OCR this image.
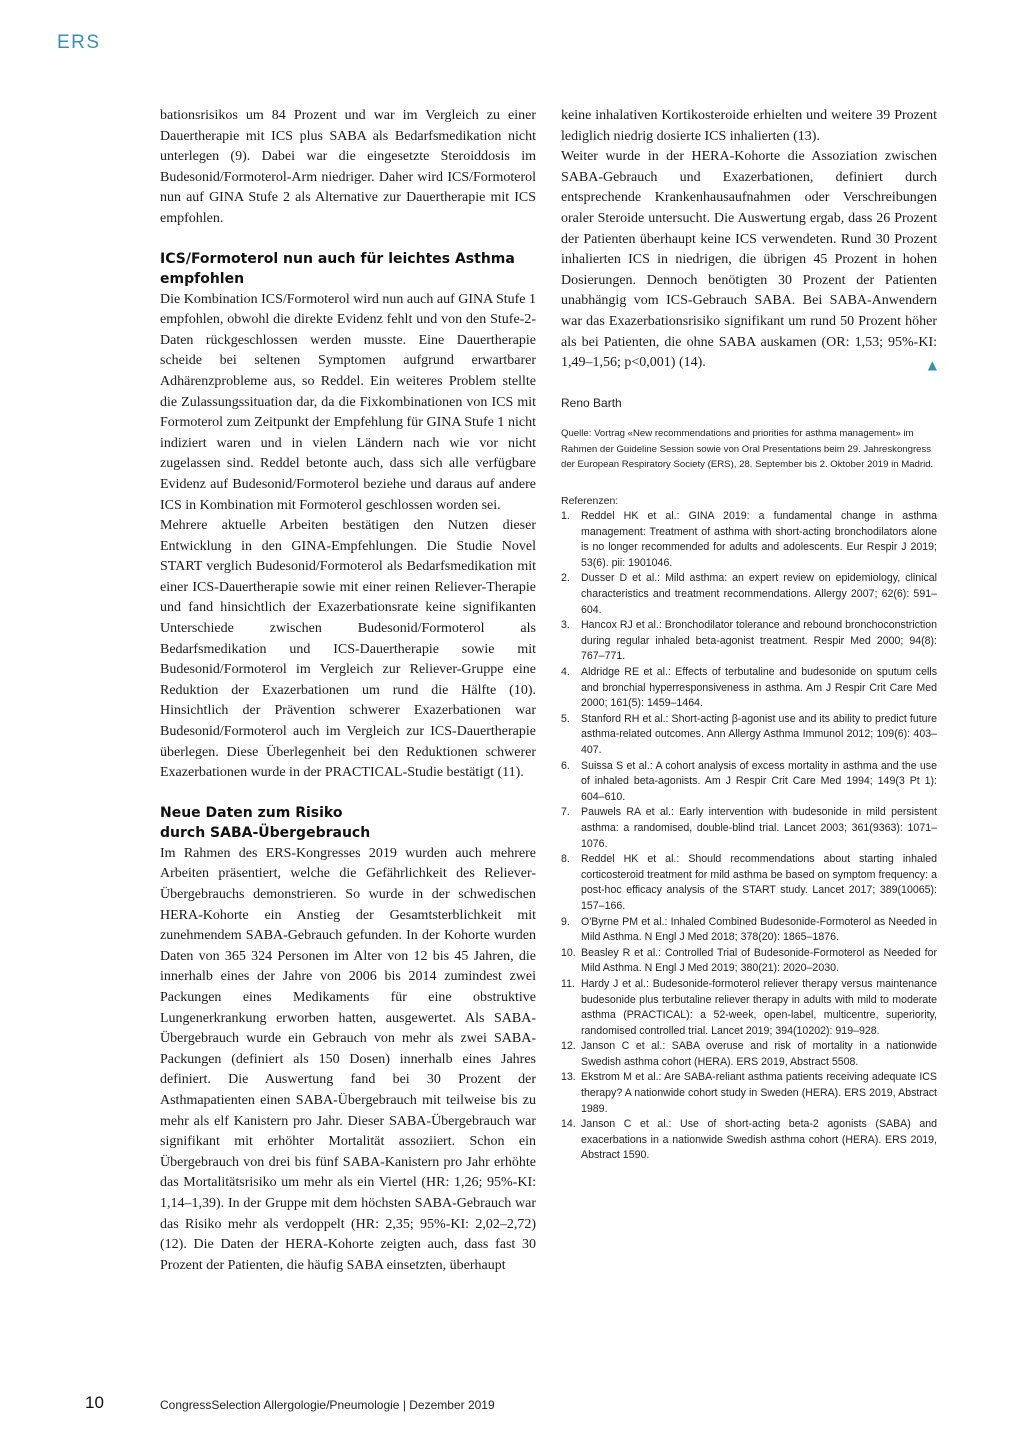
ERS

bationsrisikos um 84 Prozent und war im Vergleich zu einer Dauertherapie mit ICS plus SABA als Bedarfsmedikation nicht unterlegen (9). Dabei war die eingesetzte Steroiddosis im Budesonid/Formoterol-Arm niedriger. Daher wird ICS/Formoterol nun auf GINA Stufe 2 als Alternative zur Dauertherapie mit ICS empfohlen.

ICS/Formoterol nun auch für leichtes Asthma
empfohlen

Die Kombination ICS/Formoterol wird nun auch auf GINA Stufe 1 empfohlen, obwohl die direkte Evidenz fehlt und von den Stufe-2-Daten rückgeschlossen werden musste. Eine Dauertherapie scheide bei seltenen Symptomen aufgrund erwartbarer Adhärenzprobleme aus, so Reddel. Ein weiteres Problem stellte die Zulassungssituation dar, da die Fixkombinationen von ICS mit Formoterol zum Zeitpunkt der Empfehlung für GINA Stufe 1 nicht indiziert waren und in vielen Ländern nach wie vor nicht zugelassen sind. Reddel betonte auch, dass sich alle verfügbare Evidenz auf Budesonid/Formoterol beziehe und daraus auf andere ICS in Kombination mit Formoterol geschlossen worden sei.

Mehrere aktuelle Arbeiten bestätigen den Nutzen dieser Entwicklung in den GINA-Empfehlungen. Die Studie Novel START verglich Budesonid/Formoterol als Bedarfsmedikation mit einer ICS-Dauertherapie sowie mit einer reinen Reliever-Therapie und fand hinsichtlich der Exazerbationsrate keine signifikanten Unterschiede zwischen Budesonid/Formoterol als Bedarfsmedikation und ICS-Dauertherapie sowie mit Budesonid/Formoterol im Vergleich zur Reliever-Gruppe eine Reduktion der Exazerbationen um rund die Hälfte (10). Hinsichtlich der Prävention schwerer Exazerbationen war Budesonid/Formoterol auch im Vergleich zur ICS-Dauertherapie überlegen. Diese Überlegenheit bei den Reduktionen schwerer Exazerbationen wurde in der PRACTICAL-Studie bestätigt (11).

Neue Daten zum Risiko
durch SABA-Übergebrauch

Im Rahmen des ERS-Kongresses 2019 wurden auch mehrere Arbeiten präsentiert, welche die Gefährlichkeit des Reliever-Übergebrauchs demonstrieren. So wurde in der schwedischen HERA-Kohorte ein Anstieg der Gesamtsterblichkeit mit zunehmendem SABA-Gebrauch gefunden. In der Kohorte wurden Daten von 365 324 Personen im Alter von 12 bis 45 Jahren, die innerhalb eines der Jahre von 2006 bis 2014 zumindest zwei Packungen eines Medikaments für eine obstruktive Lungenerkrankung erworben hatten, ausgewertet. Als SABA-Übergebrauch wurde ein Gebrauch von mehr als zwei SABA-Packungen (definiert als 150 Dosen) innerhalb eines Jahres definiert. Die Auswertung fand bei 30 Prozent der Asthmapatienten einen SABA-Übergebrauch mit teilweise bis zu mehr als elf Kanistern pro Jahr. Dieser SABA-Übergebrauch war signifikant mit erhöhter Mortalität assoziiert. Schon ein Übergebrauch von drei bis fünf SABA-Kanistern pro Jahr erhöhte das Mortalitätsrisiko um mehr als ein Viertel (HR: 1,26; 95%-KI: 1,14–1,39). In der Gruppe mit dem höchsten SABA-Gebrauch war das Risiko mehr als verdoppelt (HR: 2,35; 95%-KI: 2,02–2,72) (12). Die Daten der HERA-Kohorte zeigten auch, dass fast 30 Prozent der Patienten, die häufig SABA einsetzten, überhaupt

keine inhalativen Kortikosteroide erhielten und weitere 39 Prozent lediglich niedrig dosierte ICS inhalierten (13).

Weiter wurde in der HERA-Kohorte die Assoziation zwischen SABA-Gebrauch und Exazerbationen, definiert durch entsprechende Krankenhausaufnahmen oder Verschreibungen oraler Steroide untersucht. Die Auswertung ergab, dass 26 Prozent der Patienten überhaupt keine ICS verwendeten. Rund 30 Prozent inhalierten ICS in niedrigen, die übrigen 45 Prozent in hohen Dosierungen. Dennoch benötigten 30 Prozent der Patienten unabhängig vom ICS-Gebrauch SABA. Bei SABA-Anwendern war das Exazerbationsrisiko signifikant um rund 50 Prozent höher als bei Patienten, die ohne SABA auskamen (OR: 1,53; 95%-KI: 1,49–1,56; p<0,001) (14).	▲

Reno Barth

Quelle: Vortrag «New recommendations and priorities for asthma management» im Rahmen der Guideline Session sowie von Oral Presentations beim 29. Jahreskongress der European Respiratory Society (ERS), 28. September bis 2. Oktober 2019 in Madrid.

Referenzen:

1. Reddel HK et al.: GINA 2019: a fundamental change in asthma management: Treatment of asthma with short-acting bronchodilators alone is no longer recommended for adults and adolescents. Eur Respir J 2019; 53(6). pii: 1901046.
2. Dusser D et al.: Mild asthma: an expert review on epidemiology, clinical characteristics and treatment recommendations. Allergy 2007; 62(6): 591–604.
3. Hancox RJ et al.: Bronchodilator tolerance and rebound bronchoconstriction during regular inhaled beta-agonist treatment. Respir Med 2000; 94(8): 767–771.
4. Aldridge RE et al.: Effects of terbutaline and budesonide on sputum cells and bronchial hyperresponsiveness in asthma. Am J Respir Crit Care Med 2000; 161(5): 1459–1464.
5. Stanford RH et al.: Short-acting β-agonist use and its ability to predict future asthma-related outcomes. Ann Allergy Asthma Immunol 2012; 109(6): 403–407.
6. Suissa S et al.: A cohort analysis of excess mortality in asthma and the use of inhaled beta-agonists. Am J Respir Crit Care Med 1994; 149(3 Pt 1): 604–610.
7. Pauwels RA et al.: Early intervention with budesonide in mild persistent asthma: a randomised, double-blind trial. Lancet 2003; 361(9363): 1071–1076.
8. Reddel HK et al.: Should recommendations about starting inhaled corticosteroid treatment for mild asthma be based on symptom frequency: a post-hoc efficacy analysis of the START study. Lancet 2017; 389(10065): 157–166.
9. O'Byrne PM et al.: Inhaled Combined Budesonide-Formoterol as Needed in Mild Asthma. N Engl J Med 2018; 378(20): 1865–1876.
10. Beasley R et al.: Controlled Trial of Budesonide-Formoterol as Needed for Mild Asthma. N Engl J Med 2019; 380(21): 2020–2030.
11. Hardy J et al.: Budesonide-formoterol reliever therapy versus maintenance budesonide plus terbutaline reliever therapy in adults with mild to moderate asthma (PRACTICAL): a 52-week, open-label, multicentre, superiority, randomised controlled trial. Lancet 2019; 394(10202): 919–928.
12. Janson C et al.: SABA overuse and risk of mortality in a nationwide Swedish asthma cohort (HERA). ERS 2019, Abstract 5508.
13. Ekstrom M et al.: Are SABA-reliant asthma patients receiving adequate ICS therapy? A nationwide cohort study in Sweden (HERA). ERS 2019, Abstract 1989.
14. Janson C et al.: Use of short-acting beta-2 agonists (SABA) and exacerbations in a nationwide Swedish asthma cohort (HERA). ERS 2019, Abstract 1590.
10	CongressSelection Allergologie/Pneumologie | Dezember 2019
